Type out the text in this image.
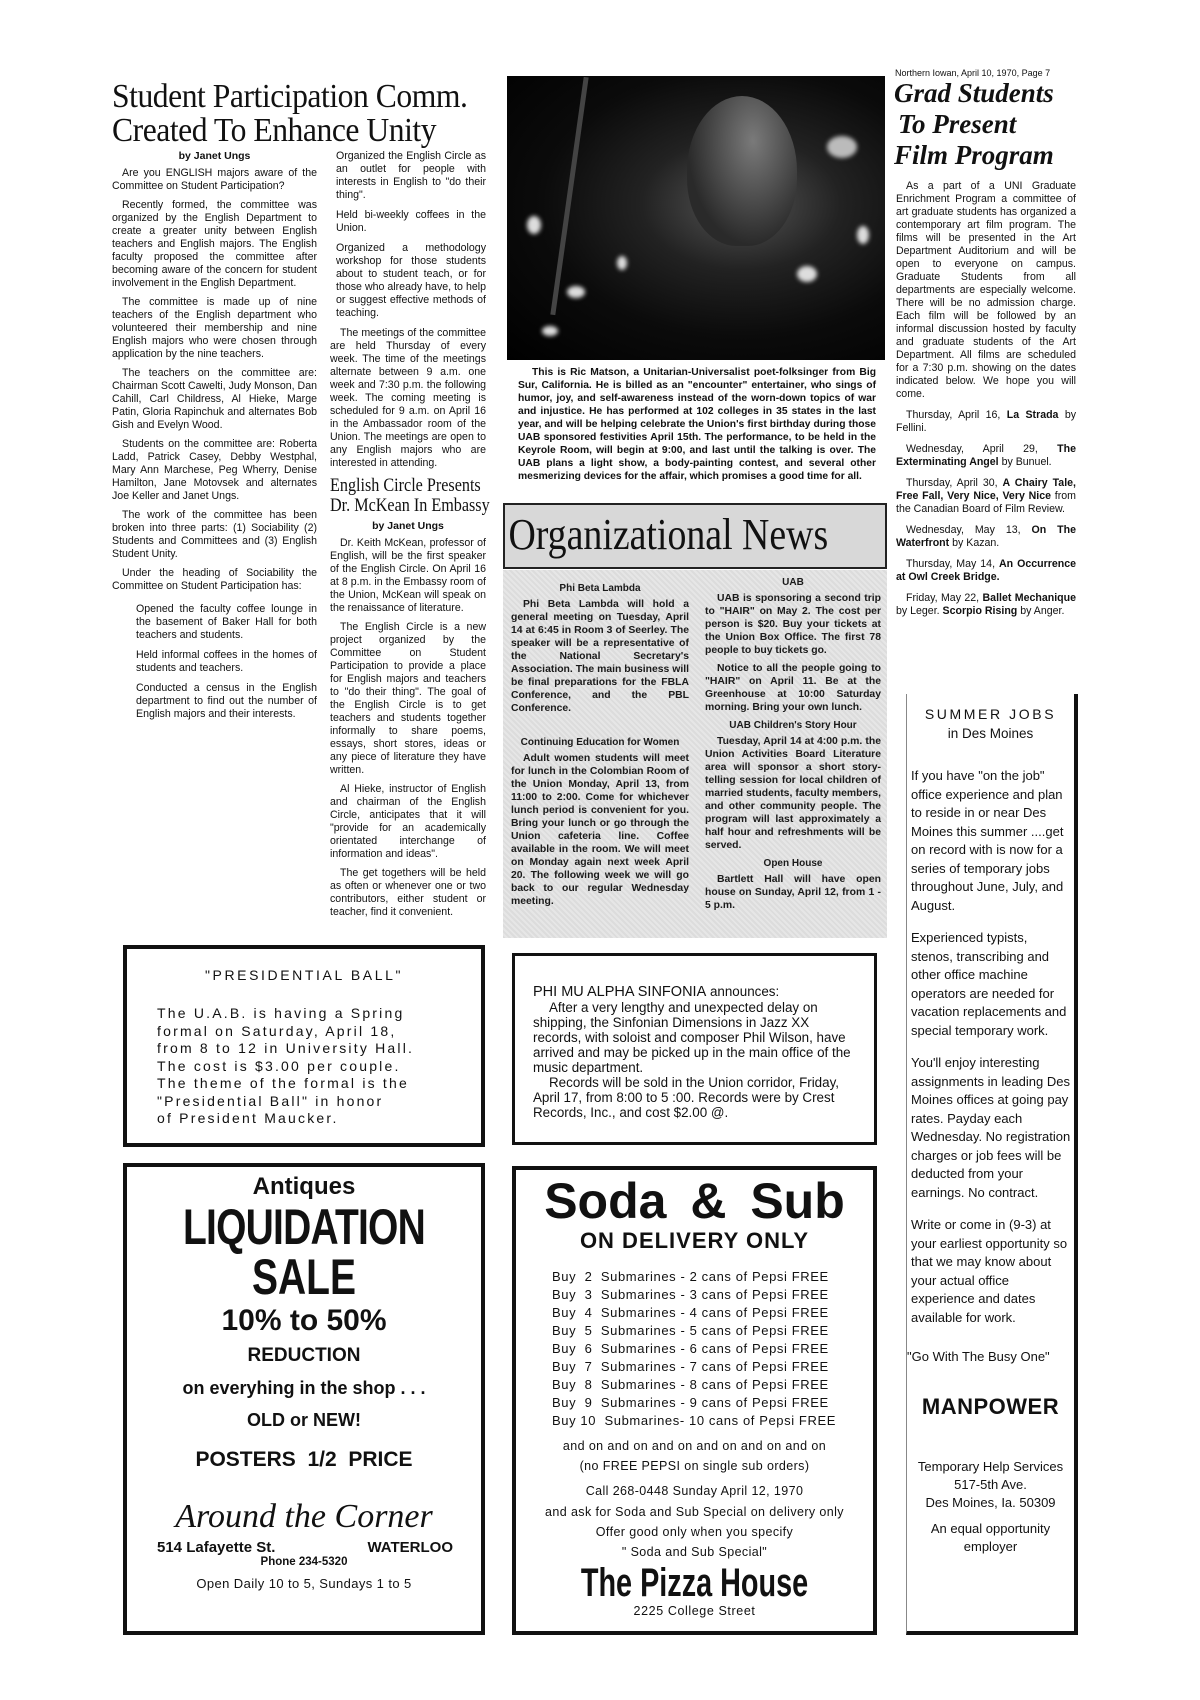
Northern Iowan, April 10, 1970, Page 7
Student Participation Comm.
Created To Enhance Unity
by Janet Ungs

Are you ENGLISH majors aware of the Committee on Student Participation?

Recently formed, the committee was organized by the English Department to create a greater unity between English teachers and English majors. The English faculty proposed the committee after becoming aware of the concern for student involvement in the English Department.

The committee is made up of nine teachers of the English department who volunteered their membership and nine English majors who were chosen through application by the nine teachers.

The teachers on the committee are: Chairman Scott Cawelti, Judy Monson, Dan Cahill, Carl Childress, Al Hieke, Marge Patin, Gloria Rapinchuk and alternates Bob Gish and Evelyn Wood.

Students on the committee are: Roberta Ladd, Patrick Casey, Debby Westphal, Mary Ann Marchese, Peg Wherry, Denise Hamilton, Jane Motovsek and alternates Joe Keller and Janet Ungs.

The work of the committee has been broken into three parts: (1) Sociability (2) Students and Committees and (3) English Student Unity.

Under the heading of Sociability the Committee on Student Participation has:

Opened the faculty coffee lounge in the basement of Baker Hall for both teachers and students.

Held informal coffees in the homes of students and teachers.

Conducted a census in the English department to find out the number of English majors and their interests.

Organized the English Circle as an outlet for people with interests in English to "do their thing".

Held bi-weekly coffees in the Union.

Organized a methodology workshop for those students about to student teach, or for those who already have, to help or suggest effective methods of teaching.

The meetings of the committee are held Thursday of every week. The time of the meetings alternate between 9 a.m. one week and 7:30 p.m. the following week. The coming meeting is scheduled for 9 a.m. on April 16 in the Ambassador room of the Union. The meetings are open to any English majors who are interested in attending.

English Circle Presents
Dr. McKean In Embassy
by Janet Ungs

Dr. Keith McKean, professor of English, will be the first speaker of the English Circle. On April 16 at 8 p.m. in the Embassy room of the Union, McKean will speak on the renaissance of literature.

The English Circle is a new project organized by the Committee on Student Participation to provide a place for English majors and teachers to "do their thing". The goal of the English Circle is to get teachers and students together informally to share poems, essays, short stores, ideas or any piece of literature they have written.

Al Hieke, instructor of English and chairman of the English Circle, anticipates that it will "provide for an academically orientated interchange of information and ideas".

The get togethers will be held as often or whenever one or two contributors, either student or teacher, find it convenient.

This is Ric Matson, a Unitarian-Universalist poet-folksinger from Big Sur, California. He is billed as an "encounter" entertainer, who sings of humor, joy, and self-awareness instead of the worn-down topics of war and injustice. He has performed at 102 colleges in 35 states in the last year, and will be helping celebrate the Union's first birthday during those UAB sponsored festivities April 15th. The performance, to be held in the Keyrole Room, will begin at 9:00, and last until the talking is over. The UAB plans a light show, a body-painting contest, and several other mesmerizing devices for the affair, which promises a good time for all.

Organizational News
Phi Beta Lambda

Phi Beta Lambda will hold a general meeting on Tuesday, April 14 at 6:45 in Room 3 of Seerley. The speaker will be a representative of the National Secretary's Association. The main business will be final preparations for the FBLA Conference, and the PBL Conference.

Continuing Education for Women

Adult women students will meet for lunch in the Colombian Room of the Union Monday, April 13, from 11:00 to 2:00. Come for whichever lunch period is convenient for you. Bring your lunch or go through the Union cafeteria line. Coffee available in the room. We will meet on Monday again next week April 20. The following week we will go back to our regular Wednesday meeting.

UAB

UAB is sponsoring a second trip to "HAIR" on May 2. The cost per person is $20. Buy your tickets at the Union Box Office. The first 78 people to buy tickets go.

Notice to all the people going to "HAIR" on April 11. Be at the Greenhouse at 10:00 Saturday morning. Bring your own lunch.

UAB Children's Story Hour

Tuesday, April 14 at 4:00 p.m. the Union Activities Board Literature area will sponsor a short story-telling session for local children of married students, faculty members, and other community people. The program will last approximately a half hour and refreshments will be served.

Open House

Bartlett Hall will have open house on Sunday, April 12, from 1 - 5 p.m.

Grad Students
To Present
Film Program

As a part of a UNI Graduate Enrichment Program a committee of art graduate students has organized a contemporary art film program. The films will be presented in the Art Department Auditorium and will be open to everyone on campus. Graduate Students from all departments are especially welcome. There will be no admission charge. Each film will be followed by an informal discussion hosted by faculty and graduate students of the Art Department. All films are scheduled for a 7:30 p.m. showing on the dates indicated below. We hope you will come.

Thursday, April 16, La Strada by Fellini.

Wednesday, April 29, The Exterminating Angel by Bunuel.

Thursday, April 30, A Chairy Tale, Free Fall, Very Nice, Very Nice from the Canadian Board of Film Review.

Wednesday, May 13, On The Waterfront by Kazan.

Thursday, May 14, An Occurrence at Owl Creek Bridge.

Friday, May 22, Ballet Mechanique by Leger. Scorpio Rising by Anger.

"PRESIDENTIAL BALL"
The U.A.B. is having a Spring
formal on Saturday, April 18,
from 8 to 12 in University Hall.
The cost is $3.00 per couple.
The theme of the formal is the
"Presidential Ball" in honor
of President Maucker.

PHI MU ALPHA SINFONIA announces:

After a very lengthy and unexpected delay on shipping, the Sinfonian Dimensions in Jazz XX records, with soloist and composer Phil Wilson, have arrived and may be picked up in the main office of the music department.

Records will be sold in the Union corridor, Friday, April 17, from 8:00 to 5 :00. Records were by Crest Records, Inc., and cost $2.00 @.

Antiques
LIQUIDATION
SALE
10% to 50%
REDUCTION
on everyhing in the shop . . .
OLD or NEW!
POSTERS  1/2  PRICE
Around the Corner
514 Lafayette St.	WATERLOO
Phone 234-5320
Open Daily 10 to 5, Sundays 1 to 5
Soda & Sub
ON DELIVERY ONLY
Buy  2  Submarines - 2 cans of Pepsi FREE
Buy  3  Submarines - 3 cans of Pepsi FREE
Buy  4  Submarines - 4 cans of Pepsi FREE
Buy  5  Submarines - 5 cans of Pepsi FREE
Buy  6  Submarines - 6 cans of Pepsi FREE
Buy  7  Submarines - 7 cans of Pepsi FREE
Buy  8  Submarines - 8 cans of Pepsi FREE
Buy  9  Submarines - 9 cans of Pepsi FREE
Buy 10  Submarines- 10 cans of Pepsi FREE
and on and on and on and on and on and on
(no FREE PEPSI on single sub orders)
Call 268-0448 Sunday April 12, 1970
and ask for Soda and Sub Special on delivery only
Offer good only when you specify
" Soda and Sub Special"
The Pizza House
2225 College Street
SUMMER JOBS
in Des Moines

If you have "on the job" office experience and plan to reside in or near Des Moines this summer ....get on record with is now for a series of temporary jobs throughout June, July, and August.

Experienced typists, stenos, transcribing and other office machine operators are needed for vacation replacements and special temporary work.

You'll enjoy interesting assignments in leading Des Moines offices at going pay rates. Payday each Wednesday. No registration charges or job fees will be deducted from your earnings. No contract.

Write or come in (9-3) at your earliest opportunity so that we may know about your actual office experience and dates available for work.

"Go With The Busy One"
MANPOWER
Temporary Help Services
517-5th Ave.
Des Moines, Ia. 50309
An equal opportunity employer
